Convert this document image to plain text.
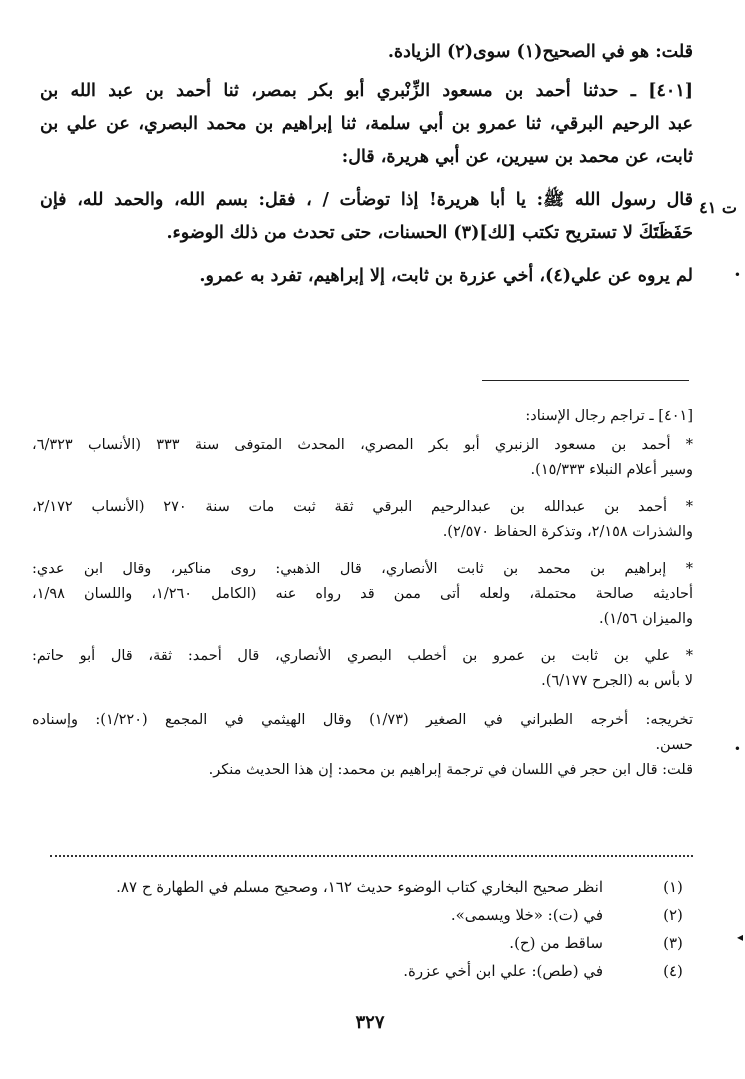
قلت: هو في الصحيح(١) سوى(٢) الزيادة.
[٤٠١] ـ حدثنا أحمد بن مسعود الزِّنْبري أبو بكر بمصر، ثنا أحمد بن عبد الله بن
عبد الرحيم البرقي، ثنا عمرو بن أبي سلمة، ثنا إبراهيم بن محمد البصري، عن علي بن
ثابت، عن محمد بن سيرين، عن أبي هريرة، قال:
قال رسول الله ﷺ: يا أبا هريرة! إذا توضأت / ، فقل: بسم الله، والحمد لله، فإن
حَفَظَتَكَ لا تستريح تكتب [لك](٣) الحسنات، حتى تحدث من ذلك الوضوء.
لم يروه عن علي(٤)، أخي عزرة بن ثابت، إلا إبراهيم، تفرد به عمرو.
ت ٤١

[٤٠١] ـ تراجم رجال الإسناد:

* أحمد بن مسعود الزنبري أبو بكر المصري، المحدث المتوفى سنة ٣٣٣ (الأنساب ٦/٣٢٣،

وسير أعلام النبلاء ١٥/٣٣٣).

* أحمد بن عبدالله بن عبدالرحيم البرقي ثقة ثبت مات سنة ٢٧٠ (الأنساب ٢/١٧٢،

والشذرات ٢/١٥٨، وتذكرة الحفاظ ٢/٥٧٠).

* إبراهيم بن محمد بن ثابت الأنصاري، قال الذهبي: روى مناكير، وقال ابن عدي:

أحاديثه صالحة محتملة، ولعله أتى ممن قد رواه عنه (الكامل ١/٢٦٠، واللسان ١/٩٨،

والميزان ١/٥٦).

* علي بن ثابت بن عمرو بن أخطب البصري الأنصاري، قال أحمد: ثقة، قال أبو حاتم:

لا بأس به (الجرح ٦/١٧٧).

تخريجه: أخرجه الطبراني في الصغير (١/٧٣) وقال الهيثمي في المجمع (١/٢٢٠): وإسناده

حسن.

قلت: قال ابن حجر في اللسان في ترجمة إبراهيم بن محمد: إن هذا الحديث منكر.

(١)
انظر صحيح البخاري كتاب الوضوء حديث ١٦٢، وصحيح مسلم في الطهارة ح ٨٧.
(٢)
في (ت): «خلا ويسمى».
(٣)
ساقط من (ح).
(٤)
في (طص): علي ابن أخي عزرة.
٣٢٧
•
•
◂
